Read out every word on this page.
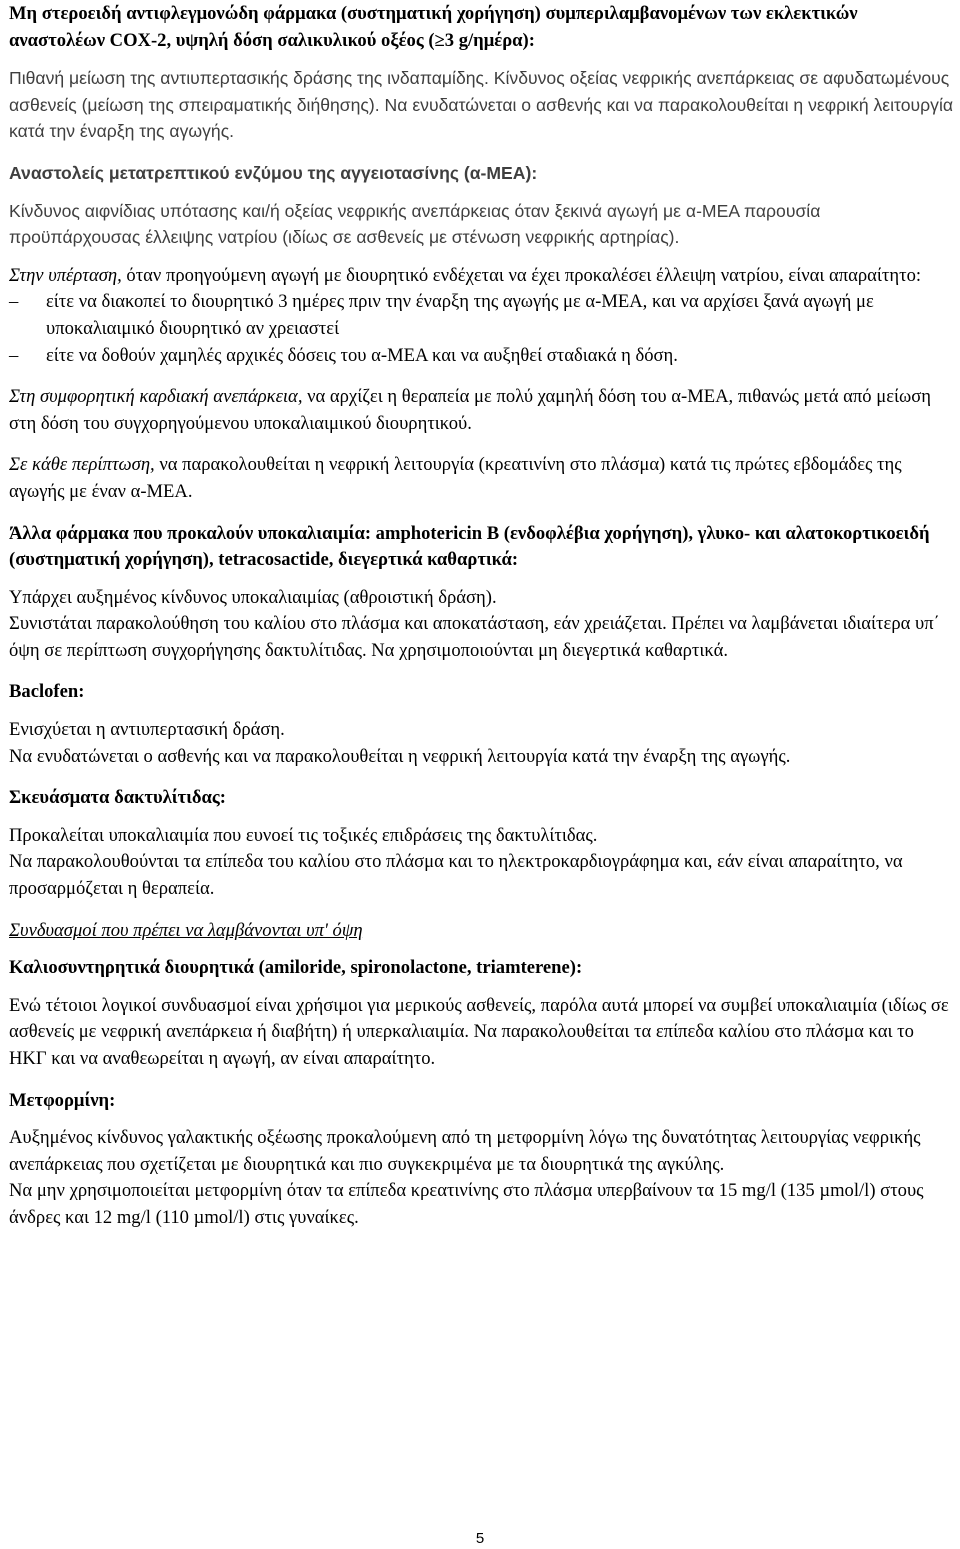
Μη στεροειδή αντιφλεγμονώδη φάρμακα (συστηματική χορήγηση) συμπεριλαμβανομένων των εκλεκτικών αναστολέων COX-2, υψηλή δόση σαλικυλικού οξέος (≥3 g/ημέρα):

Πιθανή μείωση της αντιυπερτασικής δράσης της ινδαπαμίδης. Κίνδυνος οξείας νεφρικής ανεπάρκειας σε αφυδατωμένους ασθενείς (μείωση της σπειραματικής διήθησης). Να ενυδατώνεται ο ασθενής και να παρακολουθείται η νεφρική λειτουργία κατά την έναρξη της αγωγής.

Αναστολείς μετατρεπτικού ενζύμου της αγγειοτασίνης (α-ΜΕΑ):

Κίνδυνος αιφνίδιας υπότασης και/ή οξείας νεφρικής ανεπάρκειας όταν ξεκινά αγωγή με α-ΜΕΑ παρουσία προϋπάρχουσας έλλειψης νατρίου (ιδίως σε ασθενείς με στένωση νεφρικής αρτηρίας).

Στην υπέρταση, όταν προηγούμενη αγωγή με διουρητικό ενδέχεται να έχει προκαλέσει έλλειψη νατρίου, είναι απαραίτητο:

– είτε να διακοπεί το διουρητικό 3 ημέρες πριν την έναρξη της αγωγής με α-ΜΕΑ, και να αρχίσει ξανά αγωγή με υποκαλιαιμικό διουρητικό αν χρειαστεί
– είτε να δοθούν χαμηλές αρχικές δόσεις του α-ΜΕΑ και να αυξηθεί σταδιακά η δόση.

Στη συμφορητική καρδιακή ανεπάρκεια, να αρχίζει η θεραπεία με πολύ χαμηλή δόση του α-ΜΕΑ, πιθανώς μετά από μείωση στη δόση του συγχορηγούμενου υποκαλιαιμικού διουρητικού.

Σε κάθε περίπτωση, να παρακολουθείται η νεφρική λειτουργία (κρεατινίνη στο πλάσμα) κατά τις πρώτες εβδομάδες της αγωγής με έναν α-ΜΕΑ.

Άλλα φάρμακα που προκαλούν υποκαλιαιμία: amphotericin B (ενδοφλέβια χορήγηση), γλυκο- και αλατοκορτικοειδή (συστηματική χορήγηση), tetracosactide, διεγερτικά καθαρτικά:

Υπάρχει αυξημένος κίνδυνος υποκαλιαιμίας (αθροιστική δράση).

Συνιστάται παρακολούθηση του καλίου στο πλάσμα και αποκατάσταση, εάν χρειάζεται. Πρέπει να λαμβάνεται ιδιαίτερα υπ΄ όψη σε περίπτωση συγχορήγησης δακτυλίτιδας. Να χρησιμοποιούνται μη διεγερτικά καθαρτικά.

Baclofen:

Ενισχύεται η αντιυπερτασική δράση.

Να ενυδατώνεται ο ασθενής και να παρακολουθείται η νεφρική λειτουργία κατά την έναρξη της αγωγής.

Σκευάσματα δακτυλίτιδας:

Προκαλείται υποκαλιαιμία που ευνοεί τις τοξικές επιδράσεις της δακτυλίτιδας.

Να παρακολουθούνται τα επίπεδα του καλίου στο πλάσμα και το ηλεκτροκαρδιογράφημα και, εάν είναι απαραίτητο, να προσαρμόζεται η θεραπεία.

Συνδυασμοί που πρέπει να λαμβάνονται υπ' όψη

Καλιοσυντηρητικά διουρητικά (amiloride, spironolactone, triamterene):

Ενώ τέτοιοι λογικοί συνδυασμοί είναι χρήσιμοι για μερικούς ασθενείς, παρόλα αυτά μπορεί να συμβεί υποκαλιαιμία (ιδίως σε ασθενείς με νεφρική ανεπάρκεια ή διαβήτη) ή υπερκαλιαιμία. Να παρακολουθείται τα επίπεδα καλίου στο πλάσμα και το ΗΚΓ και να αναθεωρείται η αγωγή, αν είναι απαραίτητο.

Μετφορμίνη:

Αυξημένος κίνδυνος γαλακτικής οξέωσης προκαλούμενη από τη μετφορμίνη λόγω της δυνατότητας λειτουργίας νεφρικής ανεπάρκειας που σχετίζεται με διουρητικά και πιο συγκεκριμένα με τα διουρητικά της αγκύλης.

Να μην χρησιμοποιείται μετφορμίνη όταν τα επίπεδα κρεατινίνης στο πλάσμα υπερβαίνουν τα 15 mg/l (135 µmol/l) στους άνδρες και 12 mg/l (110 µmol/l) στις γυναίκες.

5
